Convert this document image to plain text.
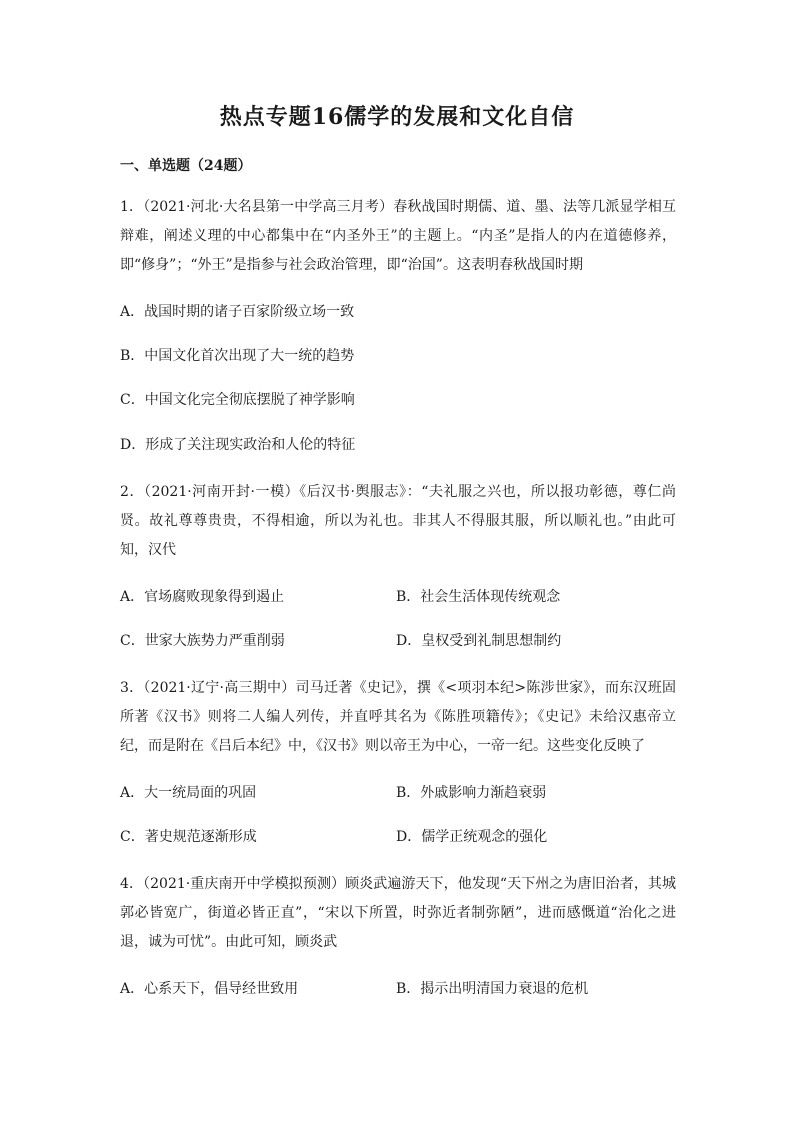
热点专题16儒学的发展和文化自信
一、单选题（24题）
1．（2021·河北·大名县第一中学高三月考）春秋战国时期儒、道、墨、法等几派显学相互辩难，阐述义理的中心都集中在“内圣外王”的主题上。“内圣”是指人的内在道德修养，即“修身”；“外王”是指参与社会政治管理，即“治国”。这表明春秋战国时期
A．战国时期的诸子百家阶级立场一致
B．中国文化首次出现了大一统的趋势
C．中国文化完全彻底摆脱了神学影响
D．形成了关注现实政治和人伦的特征
2．（2021·河南开封·一模）《后汉书·舆服志》：“夫礼服之兴也，所以报功彰德，尊仁尚贤。故礼尊尊贵贵，不得相逾，所以为礼也。非其人不得服其服，所以顺礼也。”由此可知，汉代
A．官场腐败现象得到遏止	B．社会生活体现传统观念
C．世家大族势力严重削弱	D．皇权受到礼制思想制约
3．（2021·辽宁·高三期中）司马迁著《史记》，撰《<项羽本纪>陈涉世家》，而东汉班固所著《汉书》则将二人编人列传，并直呼其名为《陈胜项籍传》；《史记》未给汉惠帝立纪，而是附在《吕后本纪》中，《汉书》则以帝王为中心，一帝一纪。这些变化反映了
A．大一统局面的巩固	B．外戚影响力渐趋衰弱
C．著史规范逐渐形成	D．儒学正统观念的强化
4．（2021·重庆南开中学模拟预测）顾炎武遍游天下，他发现“天下州之为唐旧治者，其城郭必皆宽广，街道必皆正直”，“宋以下所置，时弥近者制弥陋”，进而感慨道“治化之进退，诚为可忧”。由此可知，顾炎武
A．心系天下，倡导经世致用	B．揭示出明清国力衰退的危机
